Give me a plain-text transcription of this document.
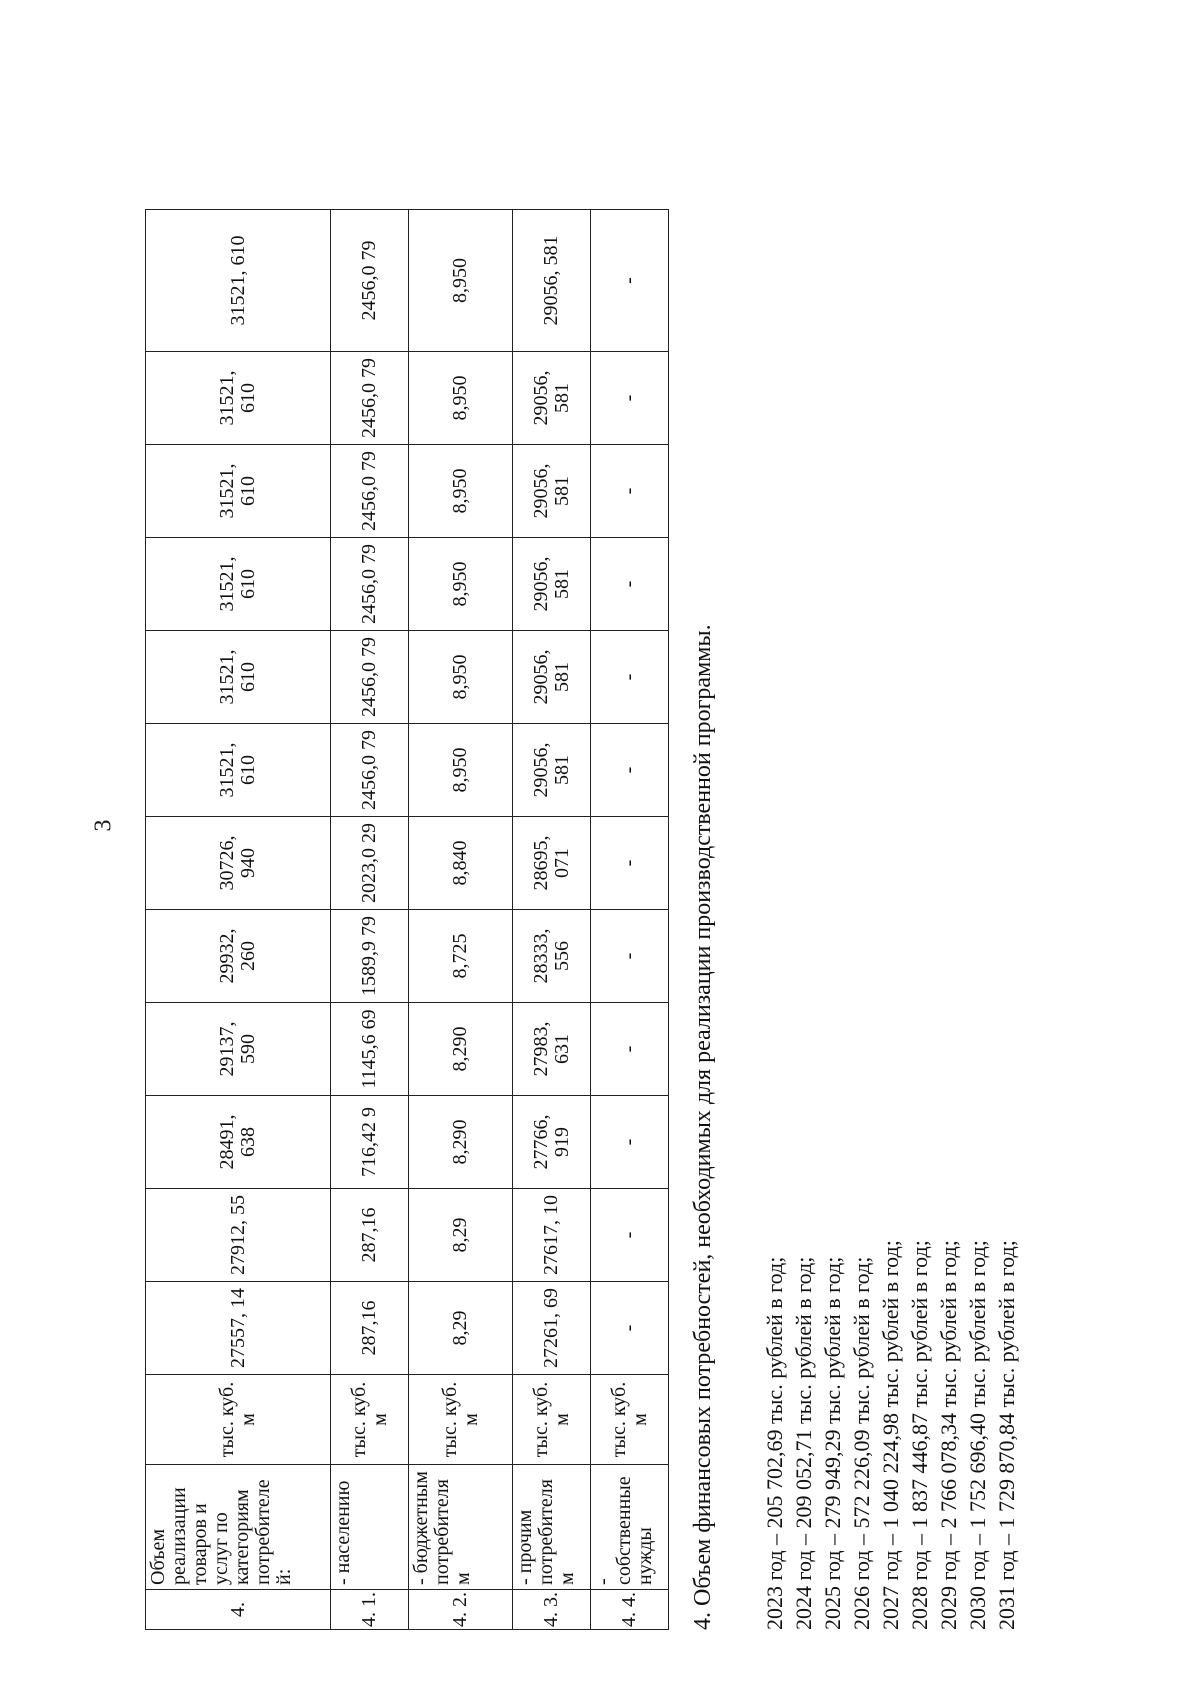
3
4.	Объем реализации товаров и услуг по категориям потребителе й:	тыс. куб. м	27557, 14	27912, 55	28491, 638	29137, 590	29932, 260	30726, 940	31521, 610	31521, 610	31521, 610	31521, 610	31521, 610	31521, 610
4. 1.	- населению	тыс. куб. м	287,16	287,16	716,42 9	1145,6 69	1589,9 79	2023,0 29	2456,0 79	2456,0 79	2456,0 79	2456,0 79	2456,0 79	2456,0 79
4. 2.	- бюджетным потребителя м	тыс. куб. м	8,29	8,29	8,290	8,290	8,725	8,840	8,950	8,950	8,950	8,950	8,950	8,950
4. 3.	- прочим потребителя м	тыс. куб. м	27261, 69	27617, 10	27766, 919	27983, 631	28333, 556	28695, 071	29056, 581	29056, 581	29056, 581	29056, 581	29056, 581	29056, 581
4. 4.	- собственные нужды	тыс. куб. м	-	-	-	-	-	-	-	-	-	-	-	-

4. Объем финансовых потребностей, необходимых для реализации производственной программы. 2023 год – 205 702,69 тыс. рублей в год; 2024 год – 209 052,71 тыс. рублей в год; 2025 год – 279 949,29 тыс. рублей в год; 2026 год – 572 226,09 тыс. рублей в год; 2027 год – 1 040 224,98 тыс. рублей в год; 2028 год – 1 837 446,87 тыс. рублей в год; 2029 год – 2 766 078,34 тыс. рублей в год; 2030 год – 1 752 696,40 тыс. рублей в год; 2031 год – 1 729 870,84 тыс. рублей в год;
